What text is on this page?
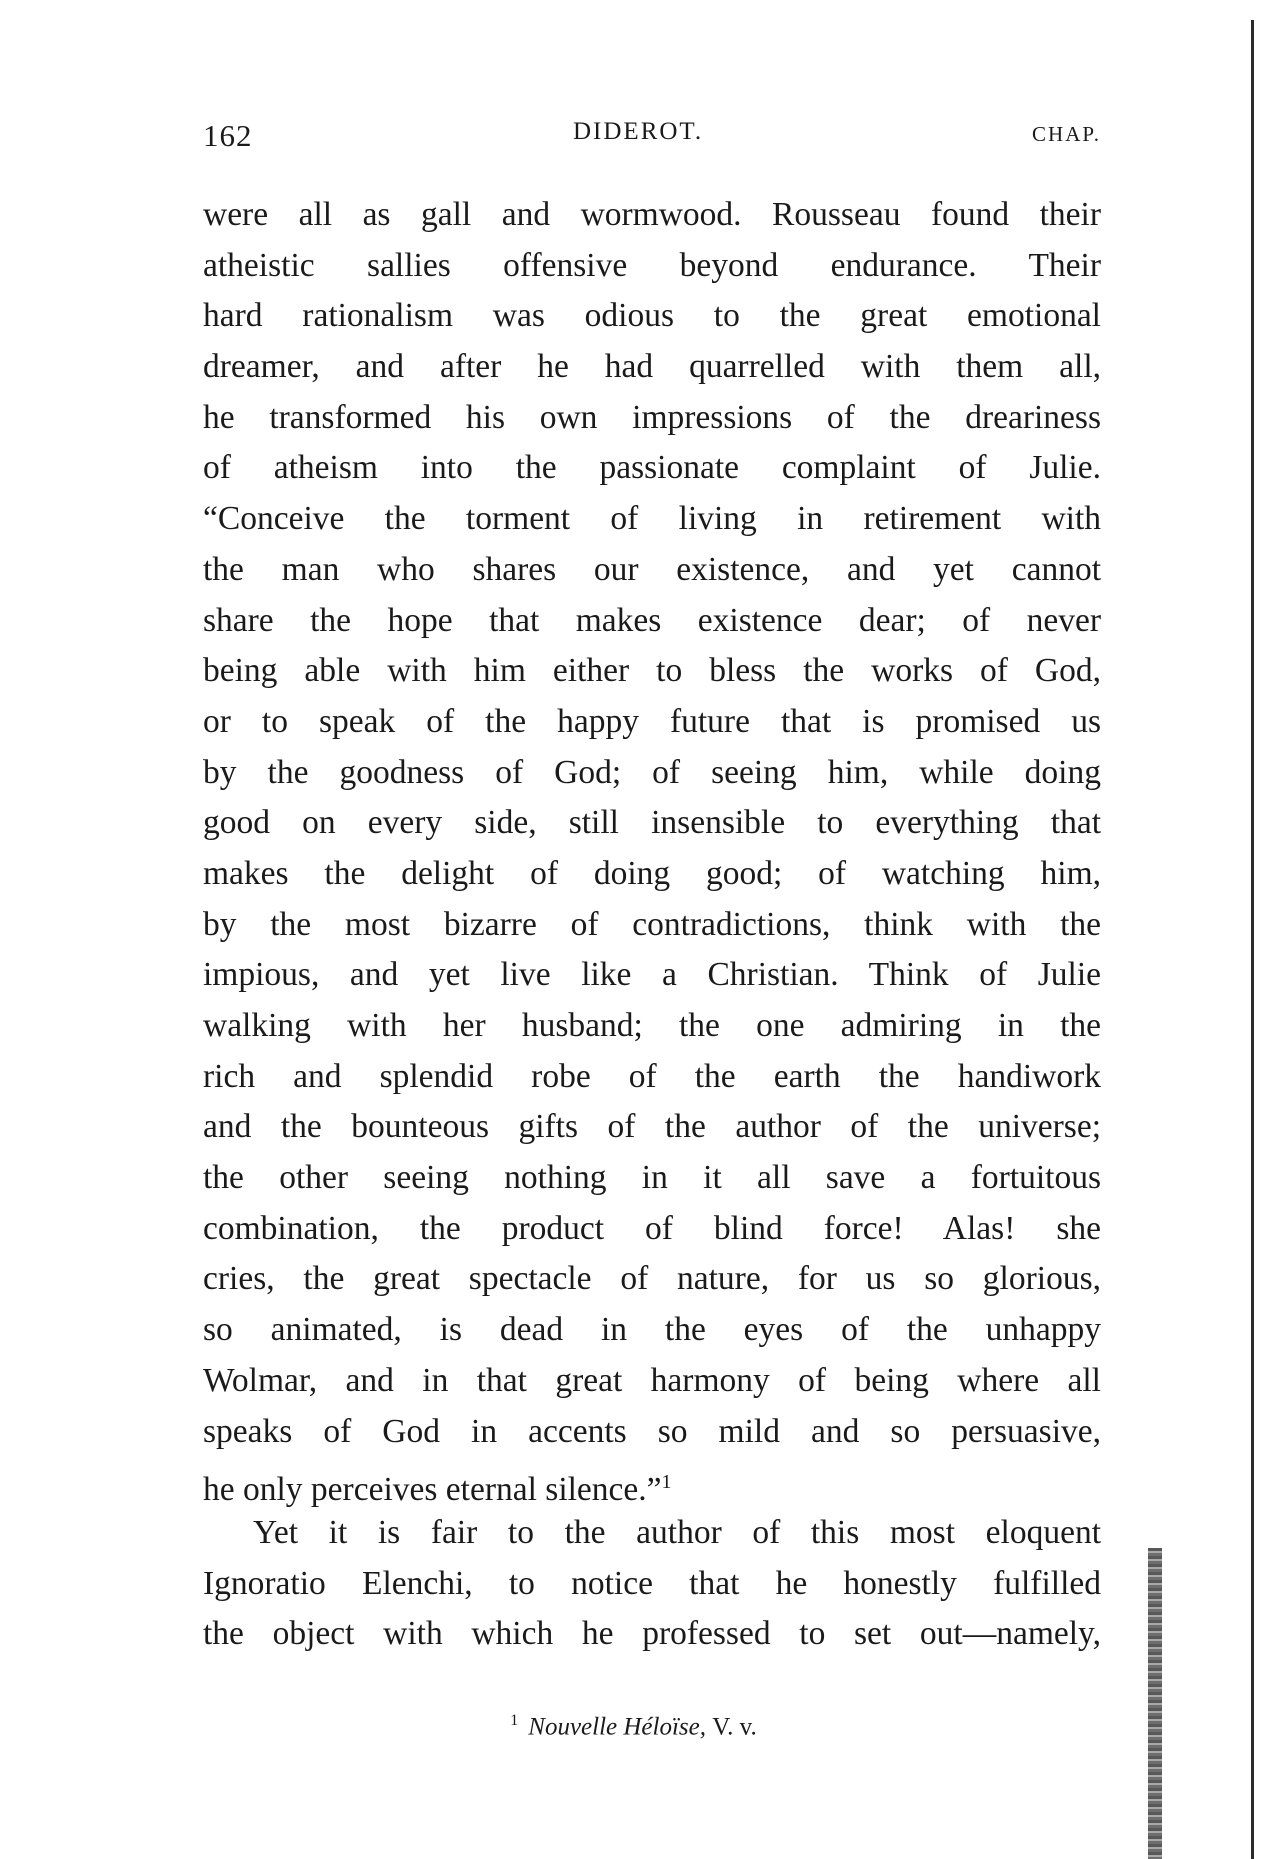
162	DIDEROT.	CHAP.
were all as gall and wormwood. Rousseau found their
atheistic sallies offensive beyond endurance. Their
hard rationalism was odious to the great emotional
dreamer, and after he had quarrelled with them all,
he transformed his own impressions of the dreariness
of atheism into the passionate complaint of Julie.
“Conceive the torment of living in retirement with
the man who shares our existence, and yet cannot
share the hope that makes existence dear; of never
being able with him either to bless the works of God,
or to speak of the happy future that is promised us
by the goodness of God; of seeing him, while doing
good on every side, still insensible to everything that
makes the delight of doing good; of watching him,
by the most bizarre of contradictions, think with the
impious, and yet live like a Christian. Think of Julie
walking with her husband; the one admiring in the
rich and splendid robe of the earth the handiwork
and the bounteous gifts of the author of the universe;
the other seeing nothing in it all save a fortuitous
combination, the product of blind force! Alas! she
cries, the great spectacle of nature, for us so glorious,
so animated, is dead in the eyes of the unhappy
Wolmar, and in that great harmony of being where all
speaks of God in accents so mild and so persuasive,
he only perceives eternal silence.”$^1$
Yet it is fair to the author of this most eloquent
Ignoratio Elenchi, to notice that he honestly fulfilled
the object with which he professed to set out—namely,
$^1$ Nouvelle Héloïse, V. v.
